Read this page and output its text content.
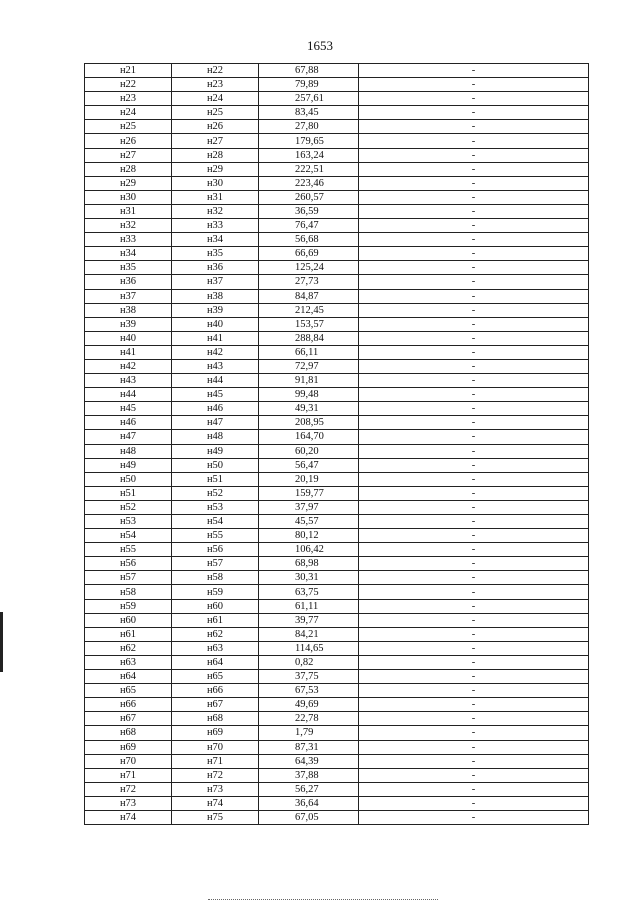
1653
н21	н22	67,88	-
н22	н23	79,89	-
н23	н24	257,61	-
н24	н25	83,45	-
н25	н26	27,80	-
н26	н27	179,65	-
н27	н28	163,24	-
н28	н29	222,51	-
н29	н30	223,46	-
н30	н31	260,57	-
н31	н32	36,59	-
н32	н33	76,47	-
н33	н34	56,68	-
н34	н35	66,69	-
н35	н36	125,24	-
н36	н37	27,73	-
н37	н38	84,87	-
н38	н39	212,45	-
н39	н40	153,57	-
н40	н41	288,84	-
н41	н42	66,11	-
н42	н43	72,97	-
н43	н44	91,81	-
н44	н45	99,48	-
н45	н46	49,31	-
н46	н47	208,95	-
н47	н48	164,70	-
н48	н49	60,20	-
н49	н50	56,47	-
н50	н51	20,19	-
н51	н52	159,77	-
н52	н53	37,97	-
н53	н54	45,57	-
н54	н55	80,12	-
н55	н56	106,42	-
н56	н57	68,98	-
н57	н58	30,31	-
н58	н59	63,75	-
н59	н60	61,11	-
н60	н61	39,77	-
н61	н62	84,21	-
н62	н63	114,65	-
н63	н64	0,82	-
н64	н65	37,75	-
н65	н66	67,53	-
н66	н67	49,69	-
н67	н68	22,78	-
н68	н69	1,79	-
н69	н70	87,31	-
н70	н71	64,39	-
н71	н72	37,88	-
н72	н73	56,27	-
н73	н74	36,64	-
н74	н75	67,05	-
